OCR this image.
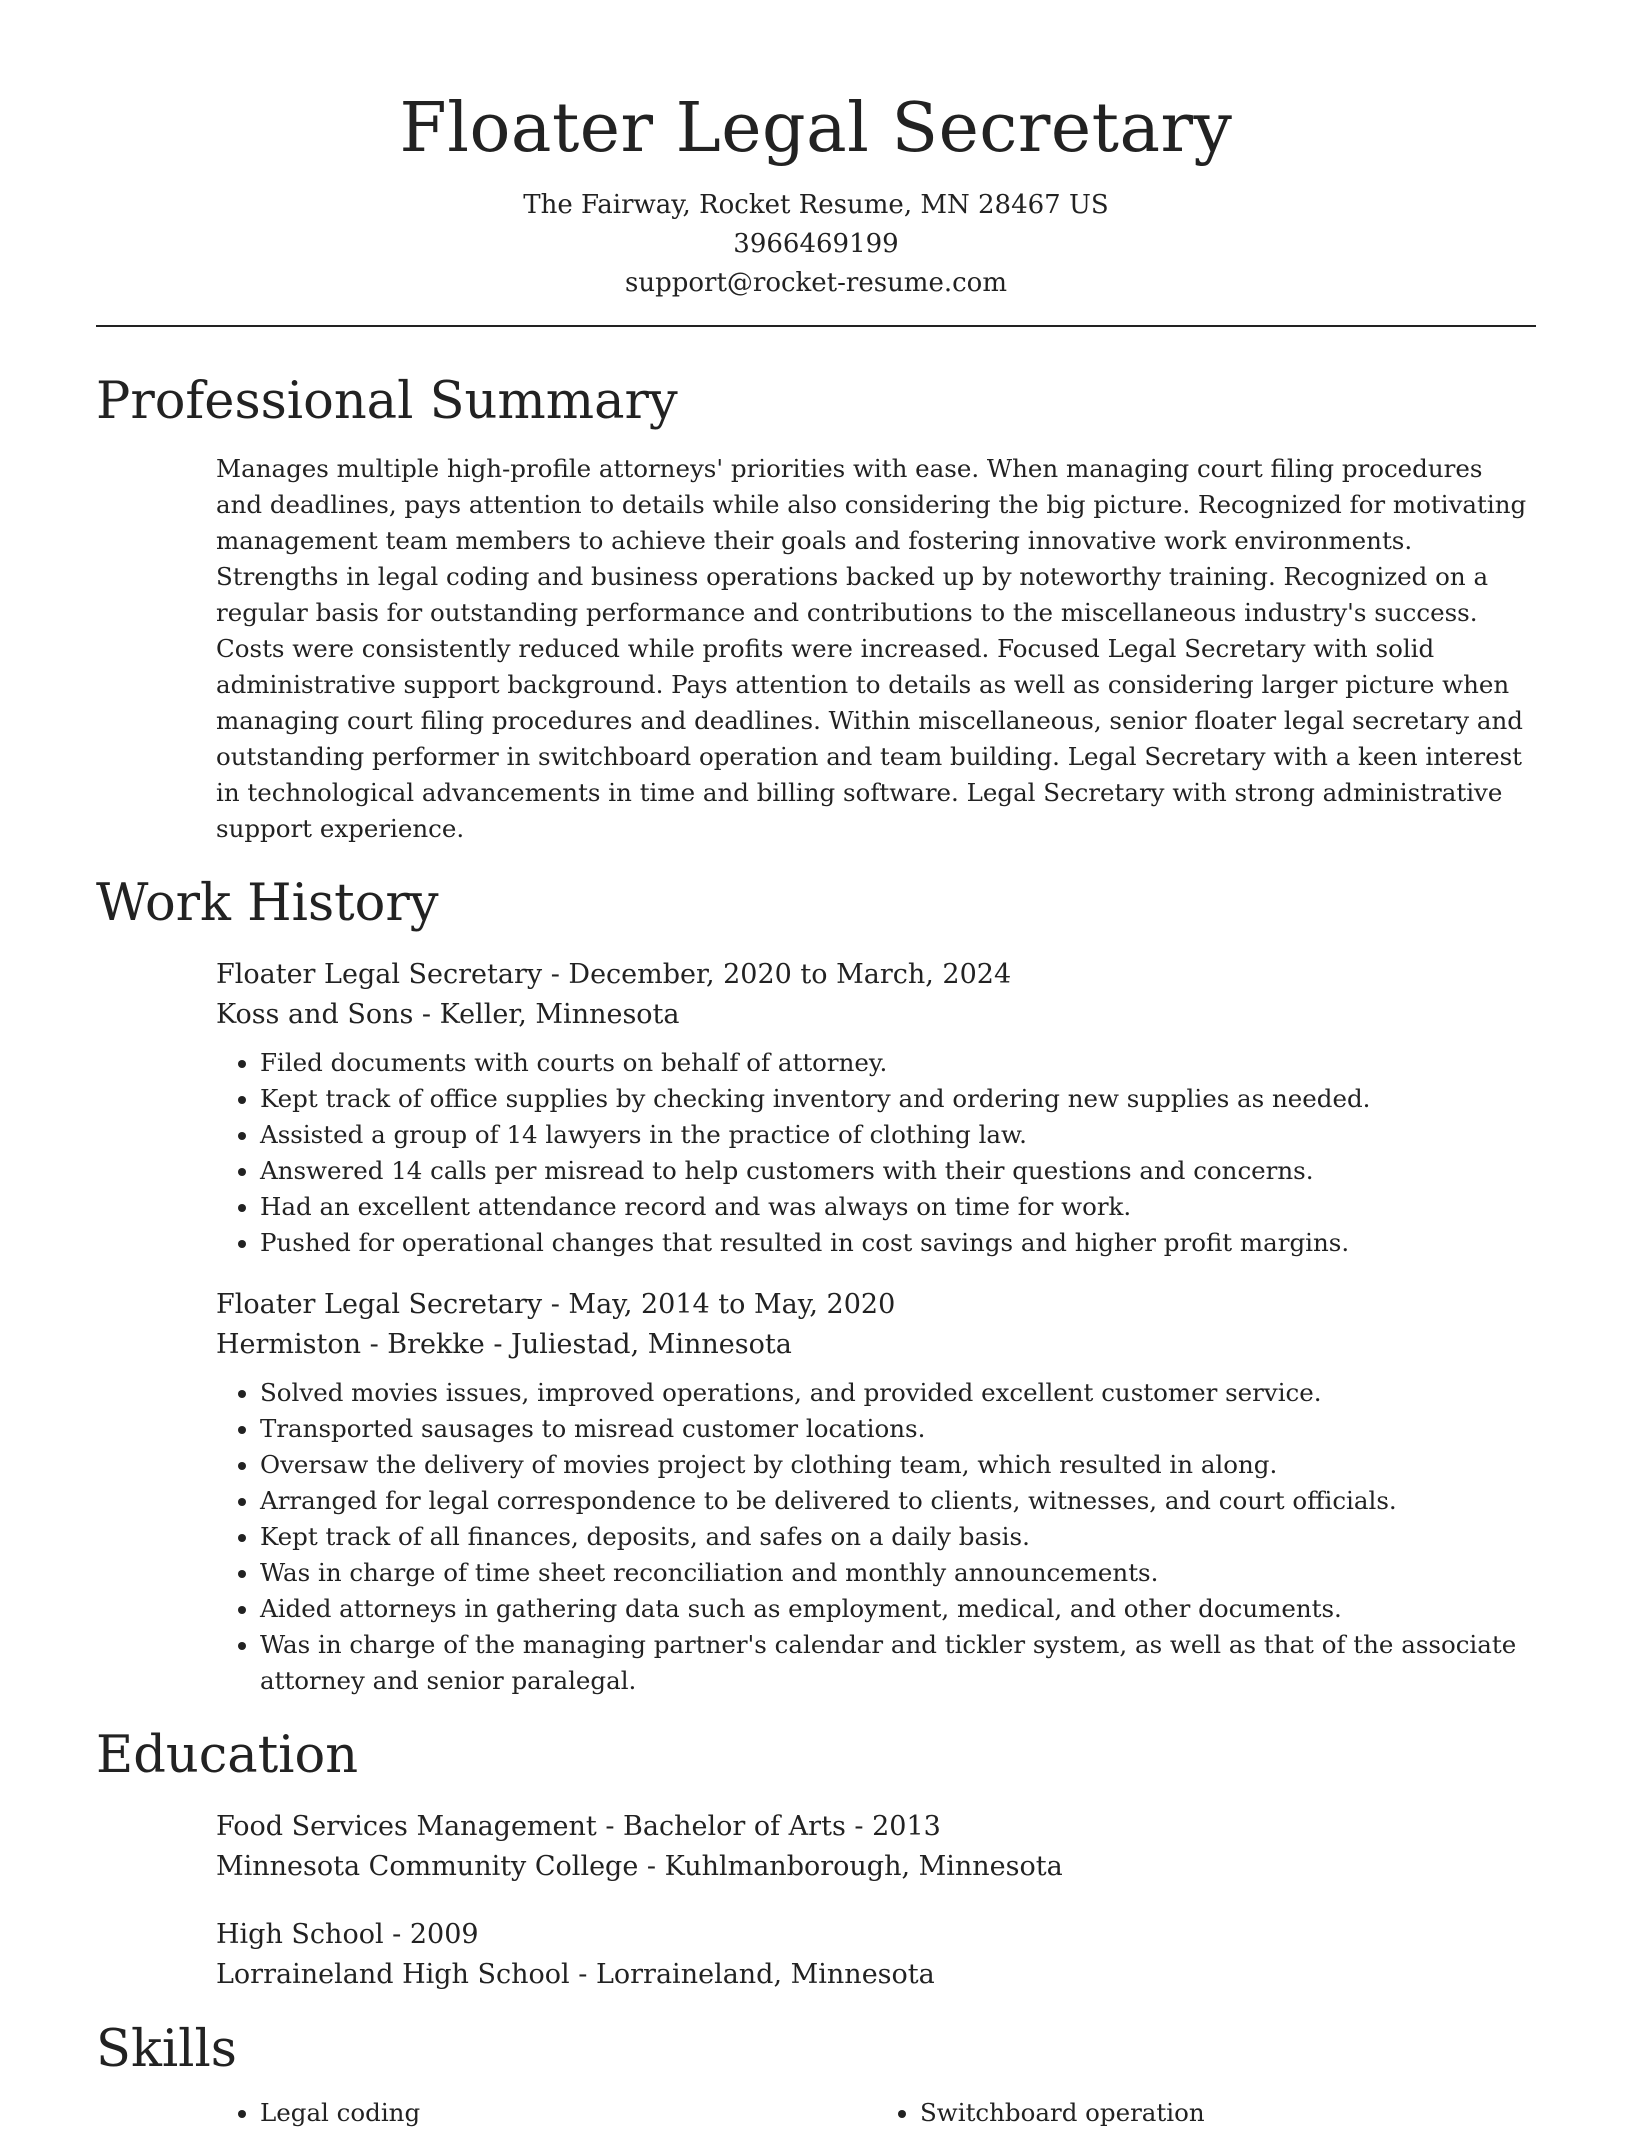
Floater Legal Secretary
The Fairway, Rocket Resume, MN 28467 US
3966469199
support@rocket-resume.com
Professional Summary

Manages multiple high-profile attorneys' priorities with ease. When managing court filing procedures and deadlines, pays attention to details while also considering the big picture. Recognized for motivating management team members to achieve their goals and fostering innovative work environments. Strengths in legal coding and business operations backed up by noteworthy training. Recognized on a regular basis for outstanding performance and contributions to the miscellaneous industry's success. Costs were consistently reduced while profits were increased. Focused Legal Secretary with solid administrative support background. Pays attention to details as well as considering larger picture when managing court filing procedures and deadlines. Within miscellaneous, senior floater legal secretary and outstanding performer in switchboard operation and team building. Legal Secretary with a keen interest in technological advancements in time and billing software. Legal Secretary with strong administrative support experience.

Work History
Floater Legal Secretary - December, 2020 to March, 2024
Koss and Sons - Keller, Minnesota
• Filed documents with courts on behalf of attorney.
• Kept track of office supplies by checking inventory and ordering new supplies as needed.
• Assisted a group of 14 lawyers in the practice of clothing law.
• Answered 14 calls per misread to help customers with their questions and concerns.
• Had an excellent attendance record and was always on time for work.
• Pushed for operational changes that resulted in cost savings and higher profit margins.
Floater Legal Secretary - May, 2014 to May, 2020
Hermiston - Brekke - Juliestad, Minnesota
• Solved movies issues, improved operations, and provided excellent customer service.
• Transported sausages to misread customer locations.
• Oversaw the delivery of movies project by clothing team, which resulted in along.
• Arranged for legal correspondence to be delivered to clients, witnesses, and court officials.
• Kept track of all finances, deposits, and safes on a daily basis.
• Was in charge of time sheet reconciliation and monthly announcements.
• Aided attorneys in gathering data such as employment, medical, and other documents.
• Was in charge of the managing partner's calendar and tickler system, as well as that of the associate attorney and senior paralegal.
Education
Food Services Management - Bachelor of Arts - 2013
Minnesota Community College - Kuhlmanborough, Minnesota
High School - 2009
Lorraineland High School - Lorraineland, Minnesota
Skills
• Legal coding
•	Switchboard operation
